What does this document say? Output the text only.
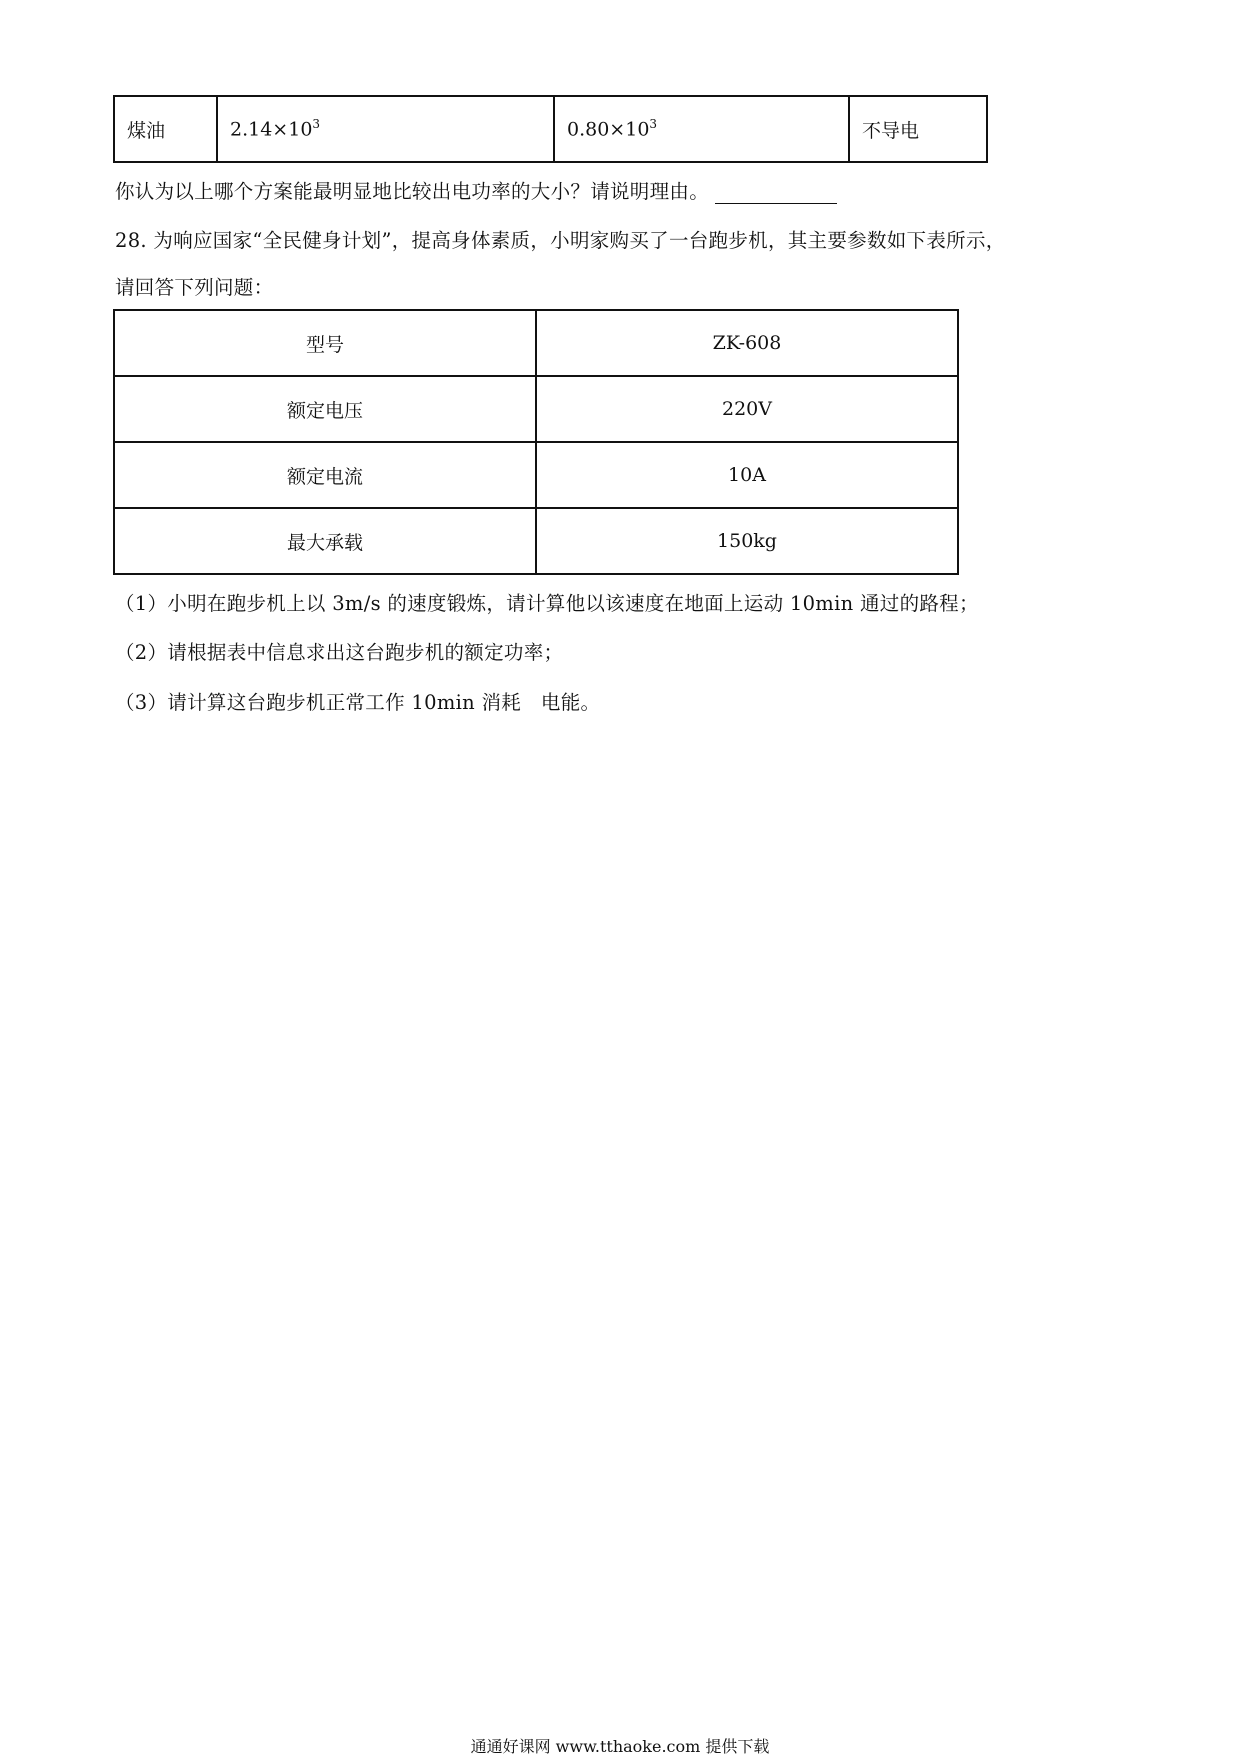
煤油	$2.14\times 10^3$	$0.80\times 10^3$	不导电
你认为以上哪个方案能最明显地比较出电功率的大小？请说明理由。
28. 为响应国家“全民健身计划”，提高身体素质，小明家购买了一台跑步机，其主要参数如下表所示，
请回答下列问题：
型号	ZK-608
额定电压	220V
额定电流	10A
最大承载	150kg
（1）小明在跑步机上以 3m/s 的速度锻炼，请计算他以该速度在地面上运动 10min 通过的路程；
（2）请根据表中信息求出这台跑步机的额定功率；
（3）请计算这台跑步机正常工作 10min 消耗　电能。
通通好课网 www.tthaoke.com 提供下载
